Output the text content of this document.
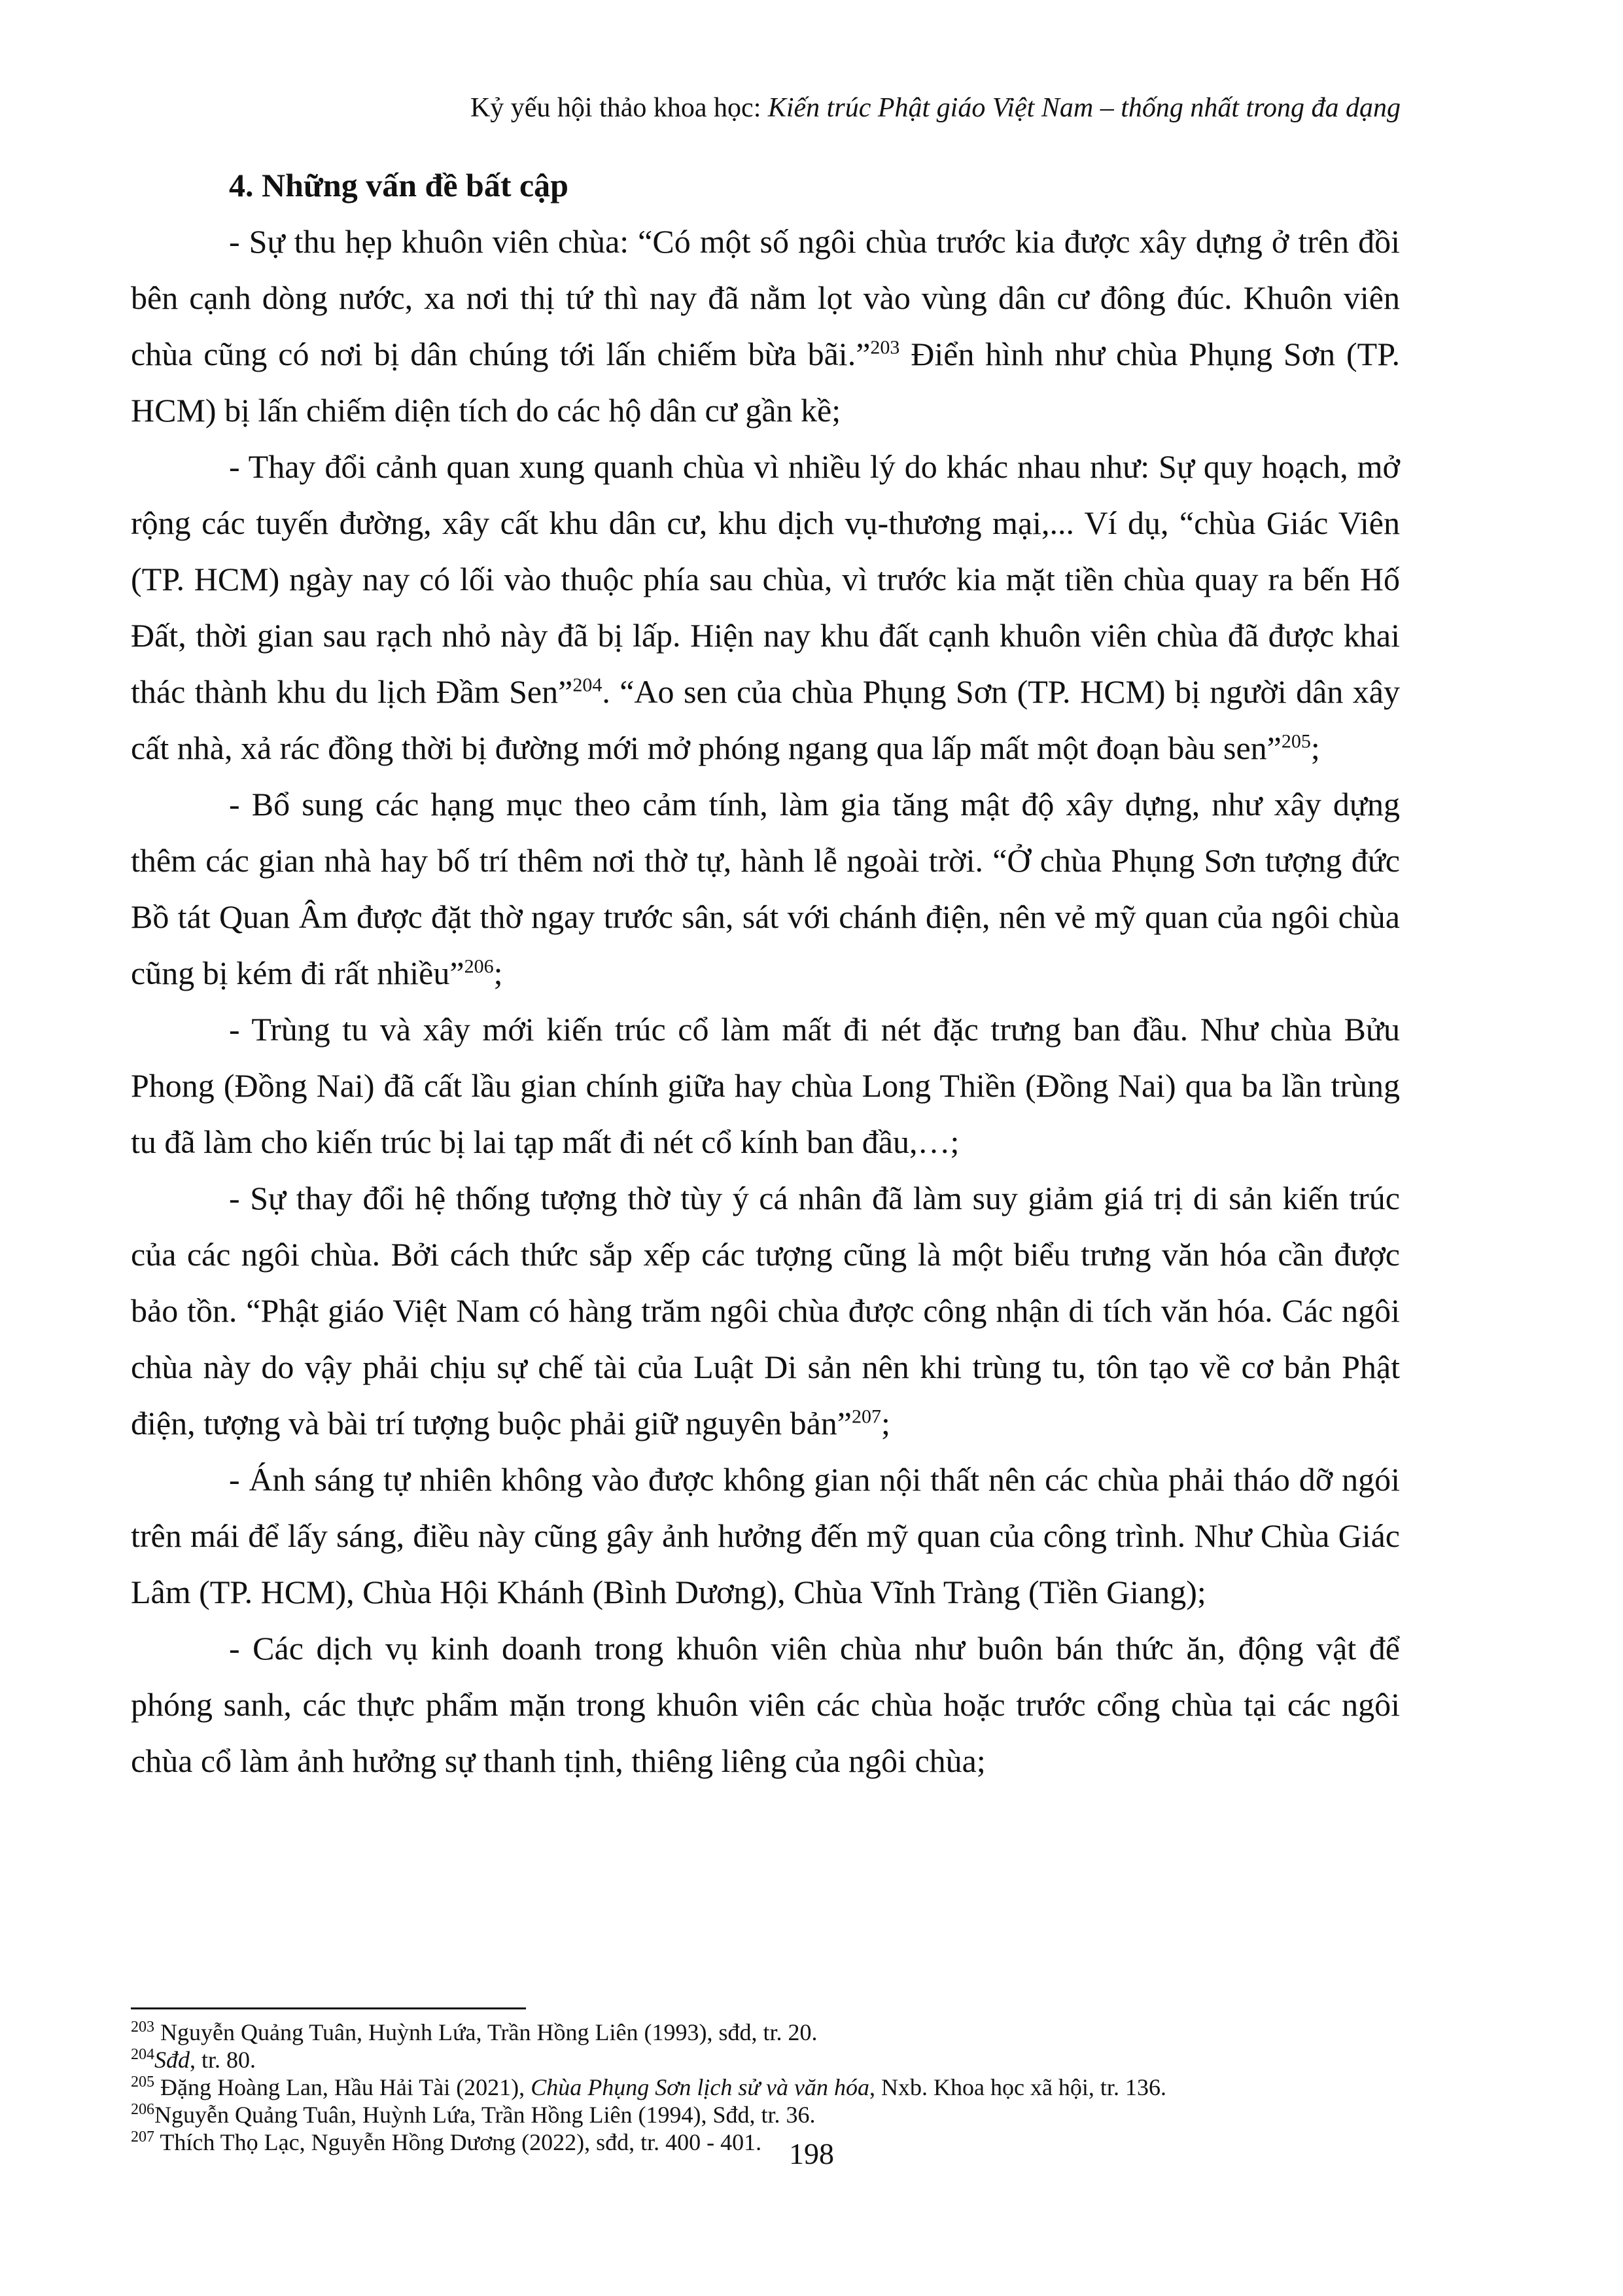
Kỷ yếu hội thảo khoa học: Kiến trúc Phật giáo Việt Nam – thống nhất trong đa dạng

4. Những vấn đề bất cập

- Sự thu hẹp khuôn viên chùa: “Có một số ngôi chùa trước kia được xây dựng ở trên đồi bên cạnh dòng nước, xa nơi thị tứ thì nay đã nằm lọt vào vùng dân cư đông đúc. Khuôn viên chùa cũng có nơi bị dân chúng tới lấn chiếm bừa bãi.”$^{203}$ Điển hình như chùa Phụng Sơn (TP. HCM) bị lấn chiếm diện tích do các hộ dân cư gần kề;

- Thay đổi cảnh quan xung quanh chùa vì nhiều lý do khác nhau như: Sự quy hoạch, mở rộng các tuyến đường, xây cất khu dân cư, khu dịch vụ-thương mại,... Ví dụ, “chùa Giác Viên (TP. HCM) ngày nay có lối vào thuộc phía sau chùa, vì trước kia mặt tiền chùa quay ra bến Hố Đất, thời gian sau rạch nhỏ này đã bị lấp. Hiện nay khu đất cạnh khuôn viên chùa đã được khai thác thành khu du lịch Đầm Sen”$^{204}$. “Ao sen của chùa Phụng Sơn (TP. HCM) bị người dân xây cất nhà, xả rác đồng thời bị đường mới mở phóng ngang qua lấp mất một đoạn bàu sen”$^{205}$;

- Bổ sung các hạng mục theo cảm tính, làm gia tăng mật độ xây dựng, như xây dựng thêm các gian nhà hay bố trí thêm nơi thờ tự, hành lễ ngoài trời. “Ở chùa Phụng Sơn tượng đức Bồ tát Quan Âm được đặt thờ ngay trước sân, sát với chánh điện, nên vẻ mỹ quan của ngôi chùa cũng bị kém đi rất nhiều”$^{206}$;

- Trùng tu và xây mới kiến trúc cổ làm mất đi nét đặc trưng ban đầu. Như chùa Bửu Phong (Đồng Nai) đã cất lầu gian chính giữa hay chùa Long Thiền (Đồng Nai) qua ba lần trùng tu đã làm cho kiến trúc bị lai tạp mất đi nét cổ kính ban đầu,…;

- Sự thay đổi hệ thống tượng thờ tùy ý cá nhân đã làm suy giảm giá trị di sản kiến trúc của các ngôi chùa. Bởi cách thức sắp xếp các tượng cũng là một biểu trưng văn hóa cần được bảo tồn. “Phật giáo Việt Nam có hàng trăm ngôi chùa được công nhận di tích văn hóa. Các ngôi chùa này do vậy phải chịu sự chế tài của Luật Di sản nên khi trùng tu, tôn tạo về cơ bản Phật điện, tượng và bài trí tượng buộc phải giữ nguyên bản”$^{207}$;

- Ánh sáng tự nhiên không vào được không gian nội thất nên các chùa phải tháo dỡ ngói trên mái để lấy sáng, điều này cũng gây ảnh hưởng đến mỹ quan của công trình. Như Chùa Giác Lâm (TP. HCM), Chùa Hội Khánh (Bình Dương), Chùa Vĩnh Tràng (Tiền Giang);

- Các dịch vụ kinh doanh trong khuôn viên chùa như buôn bán thức ăn, động vật để phóng sanh, các thực phẩm mặn trong khuôn viên các chùa hoặc trước cổng chùa tại các ngôi chùa cổ làm ảnh hưởng sự thanh tịnh, thiêng liêng của ngôi chùa;

$^{203}$ Nguyễn Quảng Tuân, Huỳnh Lứa, Trần Hồng Liên (1993), sđd, tr. 20.

$^{204}$Sđd, tr. 80.

$^{205}$ Đặng Hoàng Lan, Hầu Hải Tài (2021), Chùa Phụng Sơn lịch sử và văn hóa, Nxb. Khoa học xã hội, tr. 136.

$^{206}$Nguyễn Quảng Tuân, Huỳnh Lứa, Trần Hồng Liên (1994), Sđd, tr. 36.

$^{207}$ Thích Thọ Lạc, Nguyễn Hồng Dương (2022), sđd, tr. 400 - 401. 198
